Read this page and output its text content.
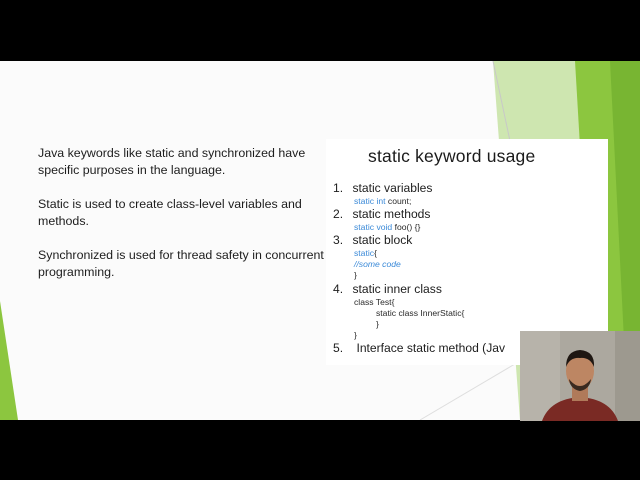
Java keywords like static and synchronized have specific purposes in the language.

Static is used to create class-level variables and methods.

Synchronized is used for thread safety in concurrent programming.

static keyword usage
1. static variables
static int count;
2. static methods
static void foo() {}
3. static block
static{
//some code
}
4. static inner class
class Test{
static class InnerStatic{
}
}
5. Interface static method (Jav
